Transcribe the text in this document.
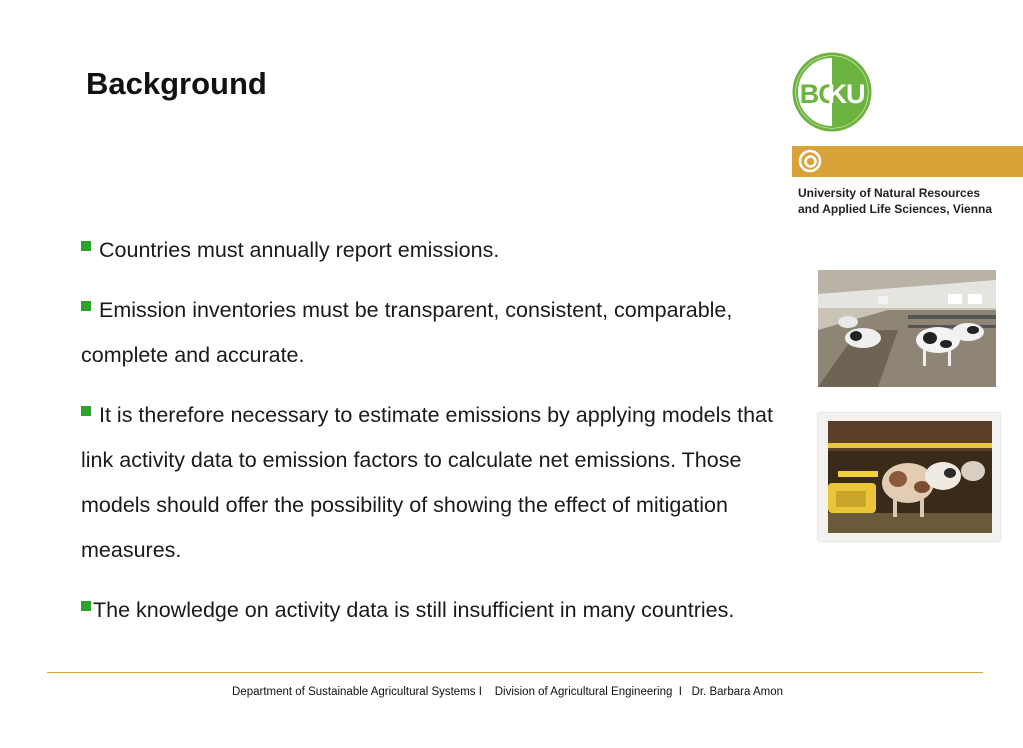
Background	BO
KU
University of Natural Resources
and Applied Life Sciences, Vienna
Countries must annually report emissions.
Emission inventories must be transparent, consistent, comparable, complete and accurate.
It is therefore necessary to estimate emissions by applying models that link activity data to emission factors to calculate net emissions. Those models should offer the possibility of showing the effect of mitigation measures.
The knowledge on activity data is still insufficient in many countries.
Department of Sustainable Agricultural Systems I    Division of Agricultural Engineering  I   Dr. Barbara Amon
